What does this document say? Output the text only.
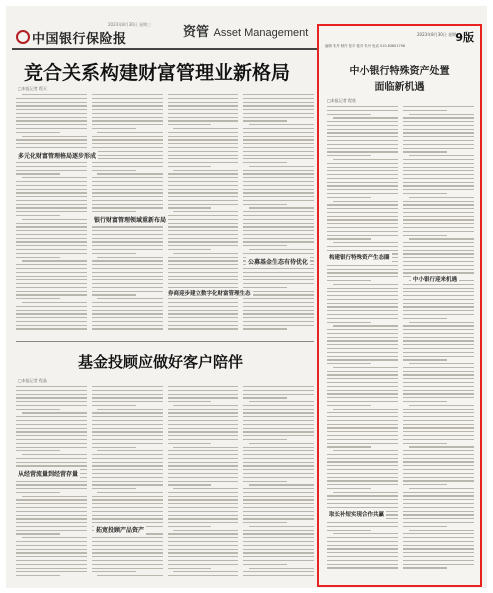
中国银行保险报
2023年8月30日 星期三
资管 Asset Management
竞合关系构建财富管理业新格局
□本报记者 程天
多元化财富管理格局逐步形成
银行财富管理领域重新布局
公募基金生态有待优化
券商迎步建立数字化财富管理生态
基金投顾应做好客户陪伴
□本报记者 程晶
从经营流量到经营存量
拓宽投顾产品资产
2023年8月30日 星期三
9版
编辑 朱丹 制作 张平 校对 朱丹 电话 010-63601798
中小银行特殊资产处置
面临新机遇
□本报记者 程欣
构建银行特殊资产生态圈
中小银行迎来机遇
取长补短实现合作共赢
